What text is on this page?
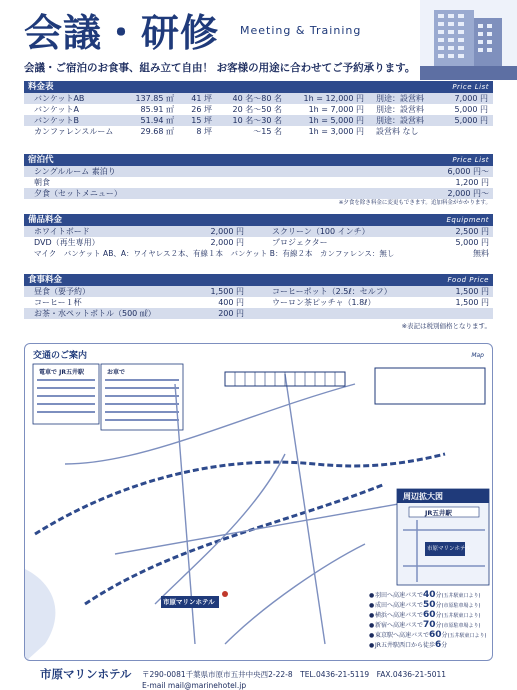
会議・研修 Meeting & Training
会議・ご宿泊のお食事、組み立て自由！ お客様の用途に合わせてご予約承ります。
料金表	Price List
バンケットAB	137.85 ㎡	41 坪	40 名〜80 名	1h = 12,000 円	別途：設営料	7,000 円
バンケットA	85.91 ㎡	26 坪	20 名〜50 名	1h = 7,000 円	別途：設営料	5,000 円
バンケットB	51.94 ㎡	15 坪	10 名〜30 名	1h = 5,000 円	別途：設営料	5,000 円
カンファレンスルーム	29.68 ㎡	8 坪	〜15 名	1h = 3,000 円	設営料 なし
宿泊代	Price List
シングルルーム 素泊り	6,000 円〜
朝食	1,200 円
夕食（セットメニュー）	2,000 円〜
※夕食を除き料金に変更もできます。追加料金がかかります。
備品料金	Equipment
ホワイトボード	2,000 円	スクリーン（100 インチ）	2,500 円
DVD（再生専用）	2,000 円	プロジェクター	5,000 円
マイク　バンケット AB、A：ワイヤレス２本、有線１本　バンケット B：有線２本　カンファレンス：無し	無料
食事料金	Food Price
昼食（要予約）	1,500 円	コーヒーポット（2.5ℓ：セルフ）	1,500 円
コーヒー１杯	400 円	ウーロン茶ピッチャ（1.8ℓ）	1,500 円
お茶・水ペットボトル（500 ㎖）	200 円
※表記は税別価格となります。
交通のご案内	Map
電車で JR五井駅	お車で
市原マリンホテル
周辺拡大図
JR五井駅
市原マリンホテル
● 羽田へ高速バスで 40 分 (五井駅東口より)
● 成田へ高速バスで 50 分 (市原駐車場より)
● 横浜へ高速バスで 60 分 (五井駅東口より)
● 新宿へ高速バスで 70 分 (市原駐車場より)
● 東京駅へ高速バスで 60 分 (五井駅東口より)
● JR五井駅西口から徒歩 6 分
市原マリンホテル 〒290-0081千葉県市原市五井中央西2-22-8　TEL.0436-21-5119　FAX.0436-21-5011
E-mail mail@marinehotel.jp
